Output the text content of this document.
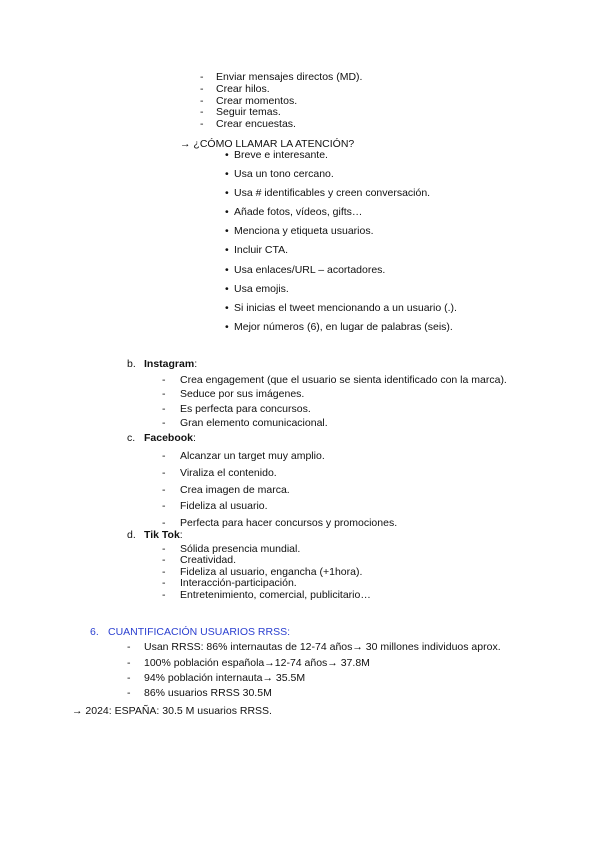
- Enviar mensajes directos (MD).
- Crear hilos.
- Crear momentos.
- Seguir temas.
- Crear encuestas.
→ ¿CÓMO LLAMAR LA ATENCIÓN?
• Breve e interesante.
• Usa un tono cercano.
• Usa # identificables y creen conversación.
• Añade fotos, vídeos, gifts…
• Menciona y etiqueta usuarios.
• Incluir CTA.
• Usa enlaces/URL – acortadores.
• Usa emojis.
• Si inicias el tweet mencionando a un usuario (.).
• Mejor números (6), en lugar de palabras (seis).
b. Instagram:
- Crea engagement (que el usuario se sienta identificado con la marca).
- Seduce por sus imágenes.
- Es perfecta para concursos.
- Gran elemento comunicacional.
c. Facebook:
- Alcanzar un target muy amplio.
- Viraliza el contenido.
- Crea imagen de marca.
- Fideliza al usuario.
- Perfecta para hacer concursos y promociones.
d. Tik Tok:
- Sólida presencia mundial.
- Creatividad.
- Fideliza al usuario, engancha (+1hora).
- Interacción-participación.
- Entretenimiento, comercial, publicitario…
6. CUANTIFICACIÓN USUARIOS RRSS:
- Usan RRSS: 86% internautas de 12-74 años→ 30 millones individuos aprox.
- 100% población española→12-74 años→ 37.8M
- 94% población internauta→ 35.5M
- 86% usuarios RRSS 30.5M
→ 2024: ESPAÑA: 30.5 M usuarios RRSS.
